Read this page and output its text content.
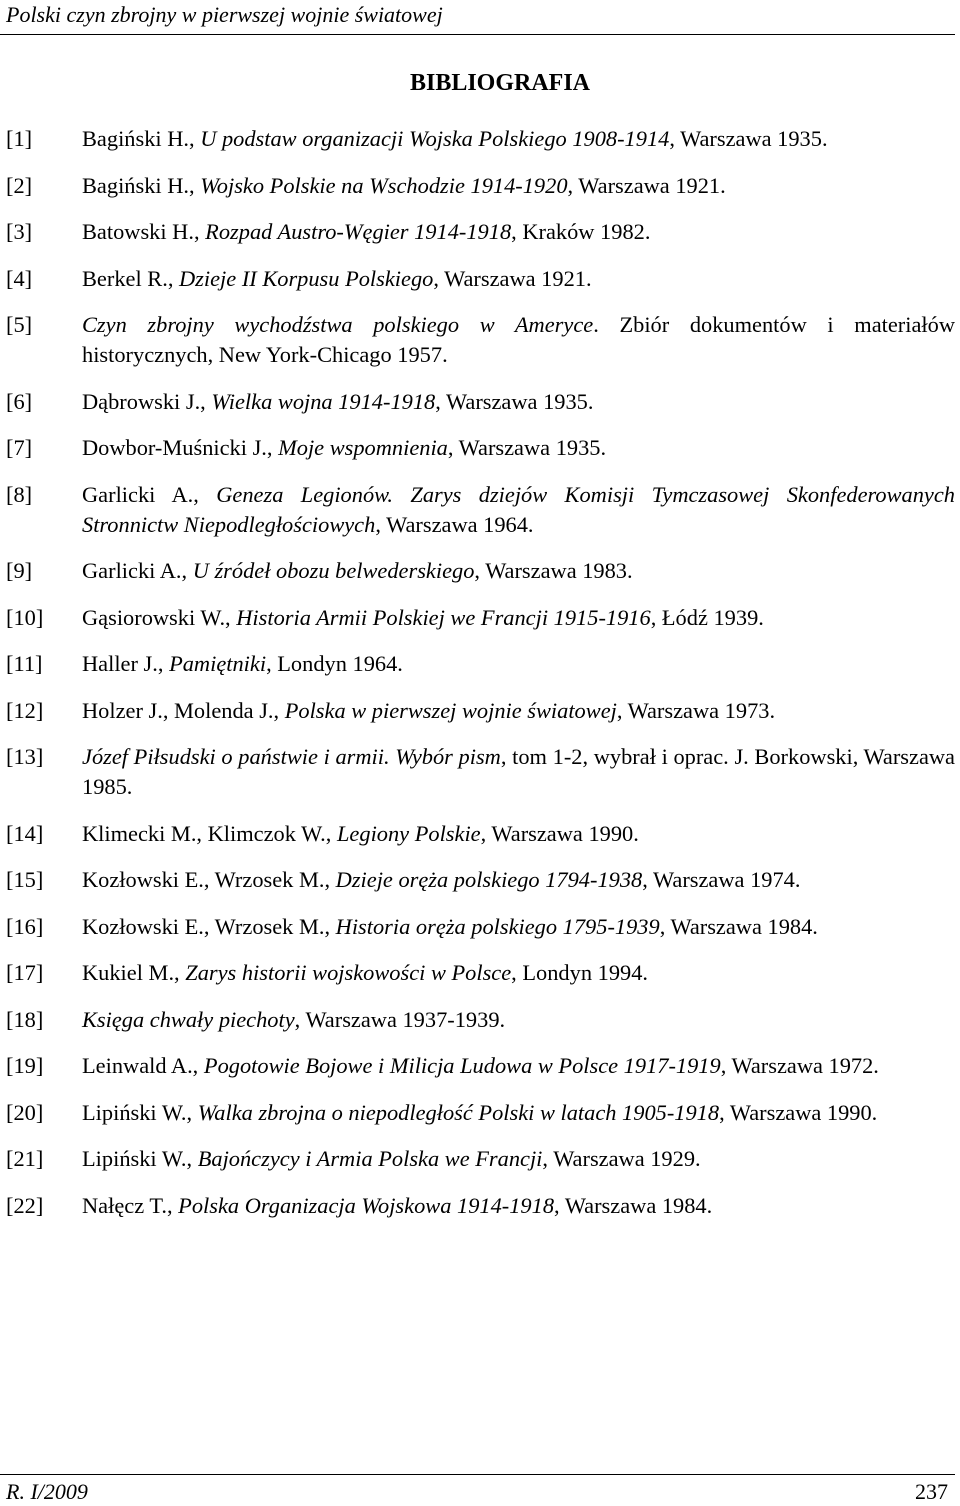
Polski czyn zbrojny w pierwszej wojnie światowej
BIBLIOGRAFIA
[1]	Bagiński H., U podstaw organizacji Wojska Polskiego 1908-1914, Warszawa 1935.
[2]	Bagiński H., Wojsko Polskie na Wschodzie 1914-1920, Warszawa 1921.
[3]	Batowski H., Rozpad Austro-Węgier 1914-1918, Kraków 1982.
[4]	Berkel R., Dzieje II Korpusu Polskiego, Warszawa 1921.
[5]	Czyn zbrojny wychodźstwa polskiego w Ameryce. Zbiór dokumentów i materiałów historycznych, New York-Chicago 1957.
[6]	Dąbrowski J., Wielka wojna 1914-1918, Warszawa 1935.
[7]	Dowbor-Muśnicki J., Moje wspomnienia, Warszawa 1935.
[8]	Garlicki A., Geneza Legionów. Zarys dziejów Komisji Tymczasowej Skonfederowanych Stronnictw Niepodległościowych, Warszawa 1964.
[9]	Garlicki A., U źródeł obozu belwederskiego, Warszawa 1983.
[10]	Gąsiorowski W., Historia Armii Polskiej we Francji 1915-1916, Łódź 1939.
[11]	Haller J., Pamiętniki, Londyn 1964.
[12]	Holzer J., Molenda J., Polska w pierwszej wojnie światowej, Warszawa 1973.
[13]	Józef Piłsudski o państwie i armii. Wybór pism, tom 1-2, wybrał i oprac. J. Borkowski, Warszawa 1985.
[14]	Klimecki M., Klimczok W., Legiony Polskie, Warszawa 1990.
[15]	Kozłowski E., Wrzosek M., Dzieje oręża polskiego 1794-1938, Warszawa 1974.
[16]	Kozłowski E., Wrzosek M., Historia oręża polskiego 1795-1939, Warszawa 1984.
[17]	Kukiel M., Zarys historii wojskowości w Polsce, Londyn 1994.
[18]	Księga chwały piechoty, Warszawa 1937-1939.
[19]	Leinwald A., Pogotowie Bojowe i Milicja Ludowa w Polsce 1917-1919, Warszawa 1972.
[20]	Lipiński W., Walka zbrojna o niepodległość Polski w latach 1905-1918, Warszawa 1990.
[21]	Lipiński W., Bajończycy i Armia Polska we Francji, Warszawa 1929.
[22]	Nałęcz T., Polska Organizacja Wojskowa 1914-1918, Warszawa 1984.
R. I/2009	237
